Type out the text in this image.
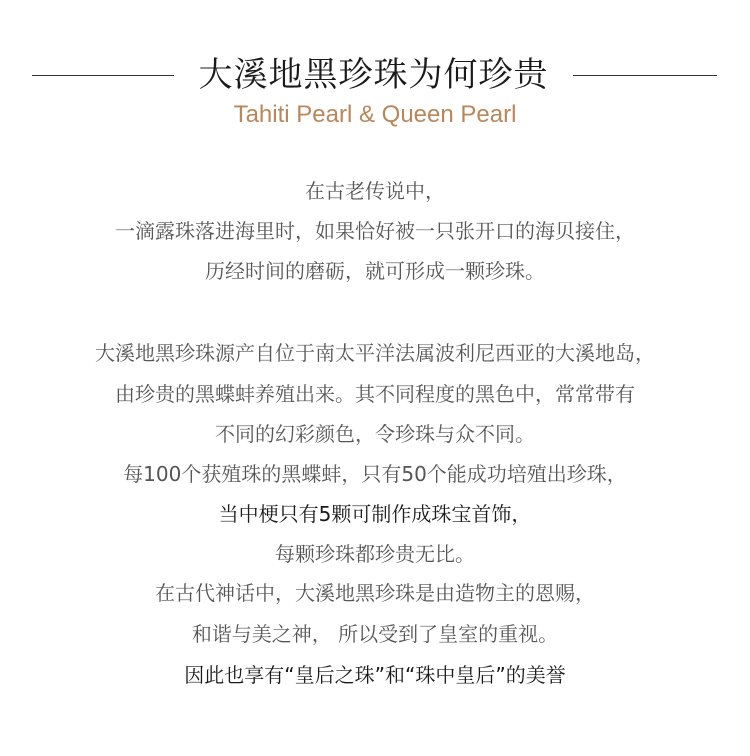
大溪地黑珍珠为何珍贵
Tahiti Pearl & Queen Pearl
在古老传说中，
一滴露珠落进海里时，如果恰好被一只张开口的海贝接住，
历经时间的磨砺，就可形成一颗珍珠。
大溪地黑珍珠源产自位于南太平洋法属波利尼西亚的大溪地岛，
由珍贵的黑蝶蚌养殖出来。其不同程度的黑色中，常常带有
不同的幻彩颜色，令珍珠与众不同。
每100个获殖珠的黑蝶蚌，只有50个能成功培殖出珍珠，
当中梗只有5颗可制作成珠宝首饰，
每颗珍珠都珍贵无比。
在古代神话中，大溪地黑珍珠是由造物主的恩赐，
和谐与美之神， 所以受到了皇室的重视。
因此也享有“皇后之珠”和“珠中皇后”的美誉
